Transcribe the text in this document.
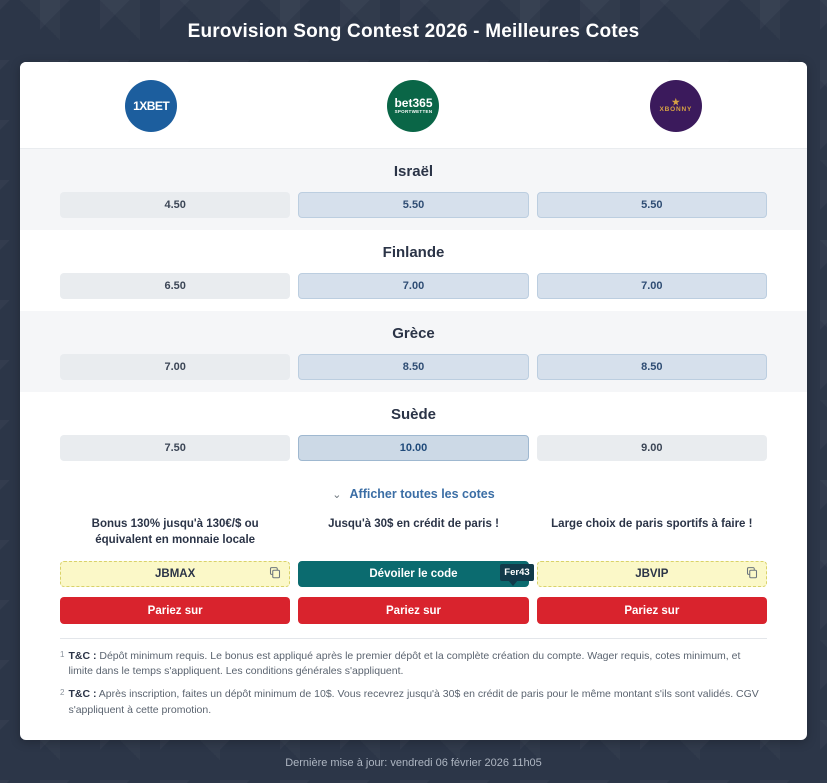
Eurovision Song Contest 2026 - Meilleures Cotes
1XBET	bet365
SPORTWETTEN
★
XBONNY
Israël
4.50	5.50	5.50
Finlande
6.50	7.00	7.00
Grèce
7.00	8.50	8.50
Suède
7.50	10.00	9.00
⌄ Afficher toutes les cotes
Bonus 130% jusqu'à 130€/$ ou équivalent en monnaie locale
JBMAX
Pariez sur
Jusqu'à 30$ en crédit de paris !
Dévoiler le code	Fer43
Pariez sur
Large choix de paris sportifs à faire !
JBVIP
Pariez sur
1 T&C : Dépôt minimum requis. Le bonus est appliqué après le premier dépôt et la complète création du compte. Wager requis, cotes minimum, et limite dans le temps s'appliquent. Les conditions générales s'appliquent.
2 T&C : Après inscription, faites un dépôt minimum de 10$. Vous recevrez jusqu'à 30$ en crédit de paris pour le même montant s'ils sont validés. CGV s'appliquent à cette promotion.
Dernière mise à jour: vendredi 06 février 2026 11h05
